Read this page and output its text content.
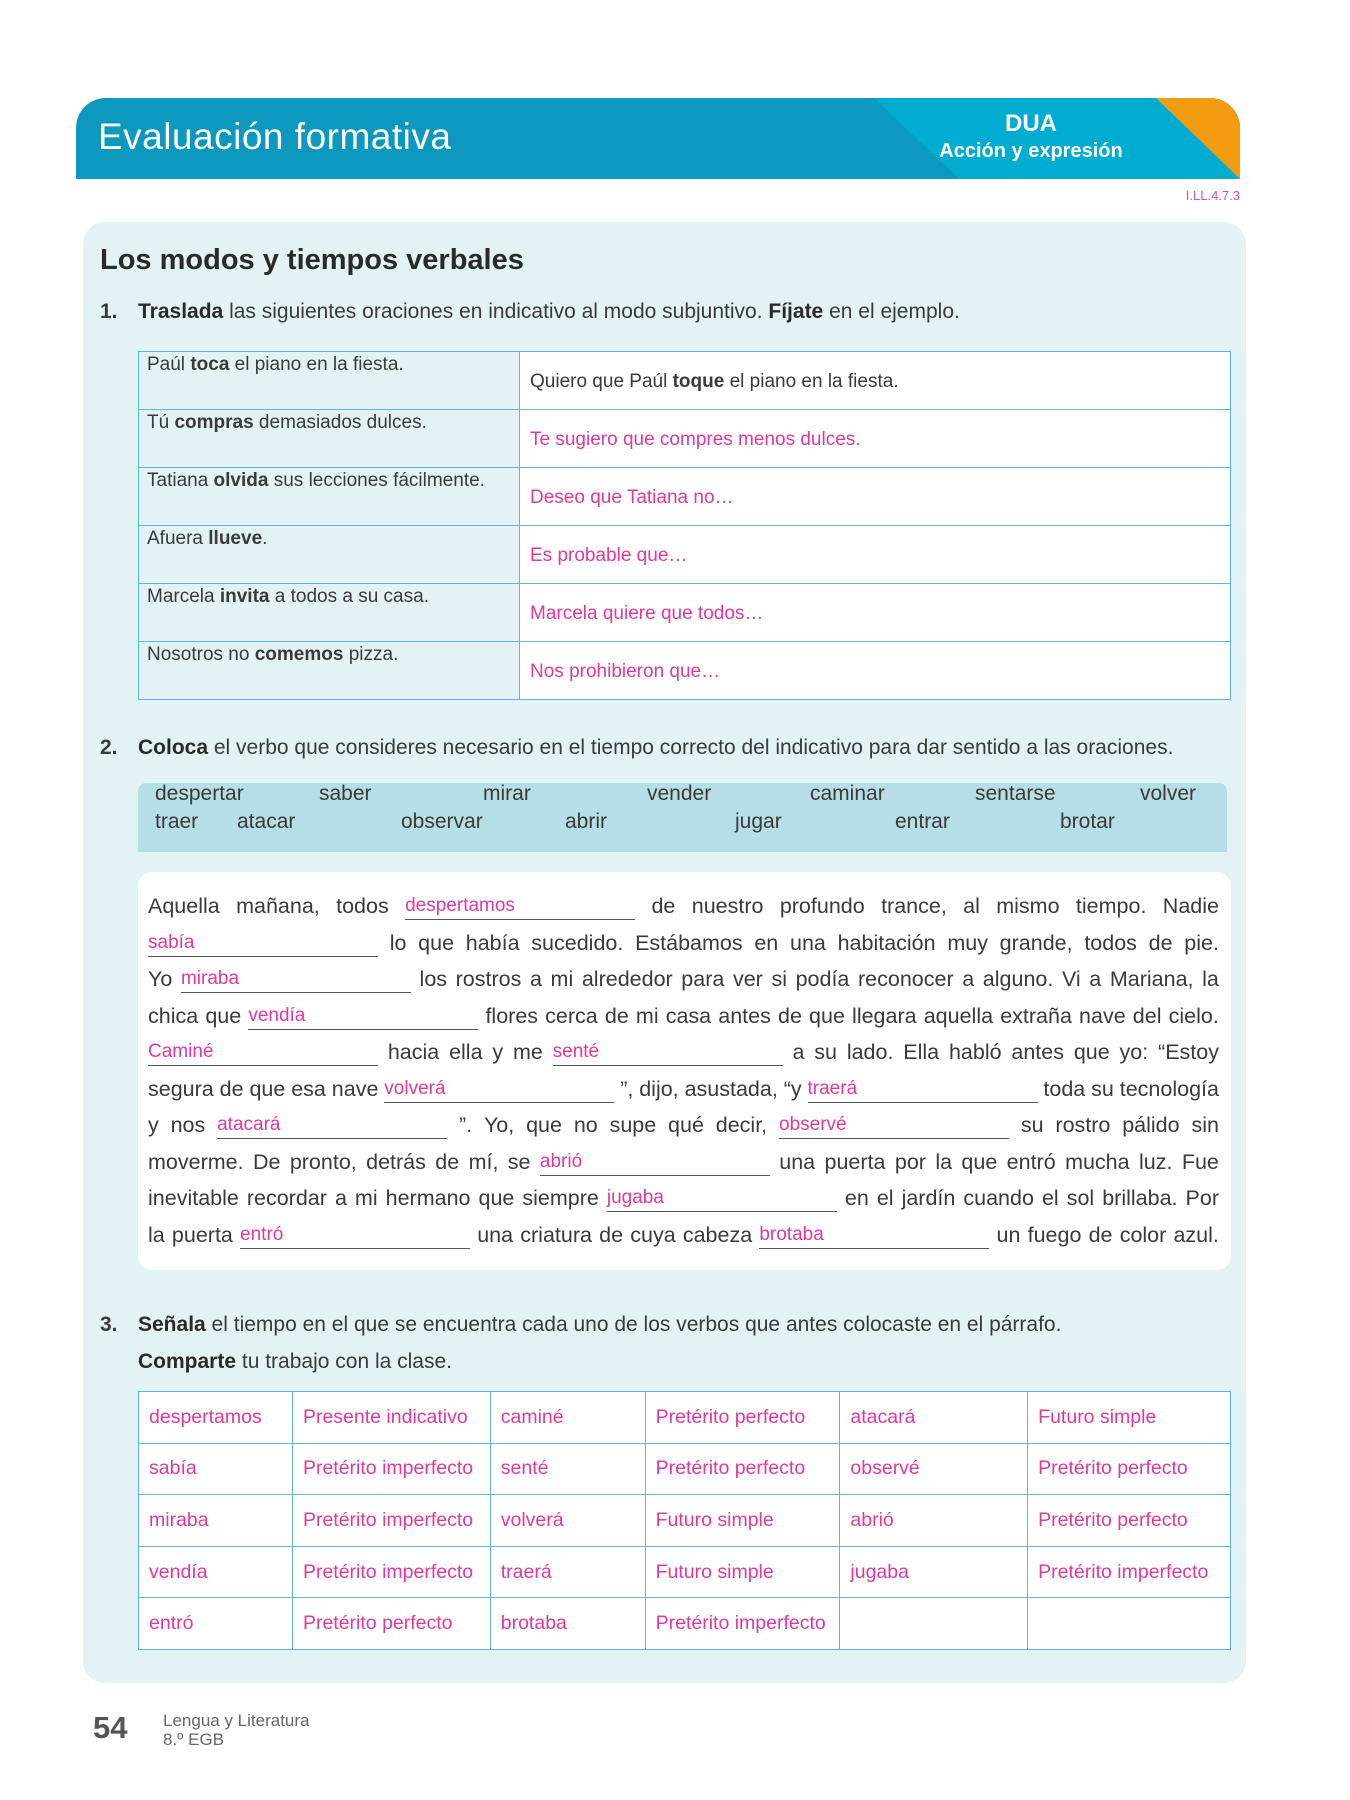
Evaluación formativa	DUA
Acción y expresión
I.LL.4.7.3
Los modos y tiempos verbales
1. Traslada las siguientes oraciones en indicativo al modo subjuntivo. Fíjate en el ejemplo.
Paúl toca el piano en la fiesta.	Quiero que Paúl toque el piano en la fiesta.
Tú compras demasiados dulces.	Te sugiero que compres menos dulces.
Tatiana olvida sus lecciones fácilmente.	Deseo que Tatiana no…
Afuera llueve.	Es probable que…
Marcela invita a todos a su casa.	Marcela quiere que todos…
Nosotros no comemos pizza.	Nos prohibieron que…
2. Coloca el verbo que consideres necesario en el tiempo correcto del indicativo para dar sentido a las oraciones.
despertar	saber	mirar	vender	caminar	sentarse	volver
traer atacar	observar	abrir	jugar	entrar	brotar
Aquella mañana, todos despertamos	de nuestro profundo trance, al mismo tiempo. Nadie
sabía	lo que había sucedido. Estábamos en una habitación muy grande, todos de pie.
Yo miraba	los rostros a mi alrededor para ver si podía reconocer a alguno. Vi a Mariana, la
chica que vendía	flores cerca de mi casa antes de que llegara aquella extraña nave del cielo.
Caminé	hacia ella y me senté	a su lado. Ella habló antes que yo: “Estoy
segura de que esa nave volverá	”, dijo, asustada, “y traerá	toda su tecnología
y nos atacará	”. Yo, que no supe qué decir, observé	su rostro pálido sin
moverme. De pronto, detrás de mí, se abrió	una puerta por la que entró mucha luz. Fue
inevitable recordar a mi hermano que siempre jugaba	en el jardín cuando el sol brillaba. Por
la puerta entró	una criatura de cuya cabeza brotaba	un fuego de color azul.
3. Señala el tiempo en el que se encuentra cada uno de los verbos que antes colocaste en el párrafo.
Comparte tu trabajo con la clase.
despertamos	Presente indicativo	caminé	Pretérito perfecto	atacará	Futuro simple
sabía	Pretérito imperfecto	senté	Pretérito perfecto	observé	Pretérito perfecto
miraba	Pretérito imperfecto	volverá	Futuro simple	abrió	Pretérito perfecto
vendía	Pretérito imperfecto	traerá	Futuro simple	jugaba	Pretérito imperfecto
entró	Pretérito perfecto	brotaba	Pretérito imperfecto		
54 Lengua y Literatura
8.º EGB
